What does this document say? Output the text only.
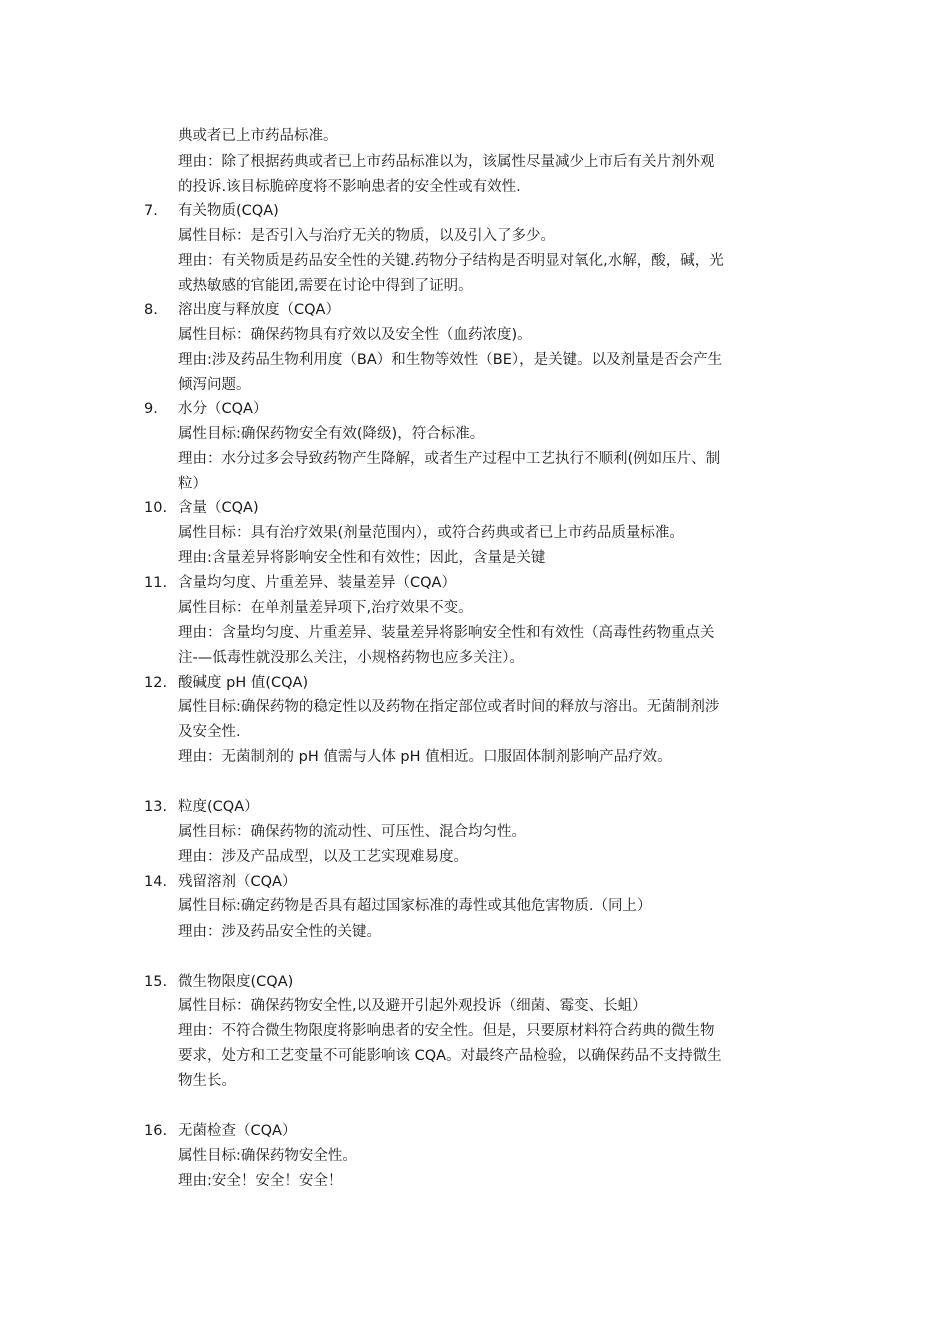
典或者已上市药品标准。
理由：除了根据药典或者已上市药品标准以为，该属性尽量减少上市后有关片剂外观
的投诉.该目标脆碎度将不影响患者的安全性或有效性.
7. 有关物质(CQA)
属性目标：是否引入与治疗无关的物质，以及引入了多少。
理由：有关物质是药品安全性的关键.药物分子结构是否明显对氧化,水解，酸，碱，光
或热敏感的官能团,需要在讨论中得到了证明。
8. 溶出度与释放度（CQA）
属性目标：确保药物具有疗效以及安全性（血药浓度)。
理由:涉及药品生物利用度（BA）和生物等效性（BE），是关键。以及剂量是否会产生
倾泻问题。
9. 水分（CQA）
属性目标:确保药物安全有效(降级)，符合标准。
理由：水分过多会导致药物产生降解，或者生产过程中工艺执行不顺利(例如压片、制
粒）
10. 含量（CQA)
属性目标：具有治疗效果(剂量范围内），或符合药典或者已上市药品质量标准。
理由:含量差异将影响安全性和有效性；因此，含量是关键
11. 含量均匀度、片重差异、装量差异（CQA）
属性目标：在单剂量差异项下,治疗效果不变。
理由：含量均匀度、片重差异、装量差异将影响安全性和有效性（高毒性药物重点关
注-—低毒性就没那么关注，小规格药物也应多关注）。
12. 酸碱度 pH 值(CQA)
属性目标:确保药物的稳定性以及药物在指定部位或者时间的释放与溶出。无菌制剂涉
及安全性.
理由：无菌制剂的 pH 值需与人体 pH 值相近。口服固体制剂影响产品疗效。
13. 粒度(CQA）
属性目标：确保药物的流动性、可压性、混合均匀性。
理由：涉及产品成型，以及工艺实现难易度。
14. 残留溶剂（CQA）
属性目标:确定药物是否具有超过国家标准的毒性或其他危害物质.（同上）
理由：涉及药品安全性的关键。
15. 微生物限度(CQA)
属性目标：确保药物安全性,以及避开引起外观投诉（细菌、霉变、长蛆）
理由：不符合微生物限度将影响患者的安全性。但是，只要原材料符合药典的微生物
要求，处方和工艺变量不可能影响该 CQA。对最终产品检验，以确保药品不支持微生
物生长。
16. 无菌检查（CQA）
属性目标:确保药物安全性。
理由:安全！安全！安全！
